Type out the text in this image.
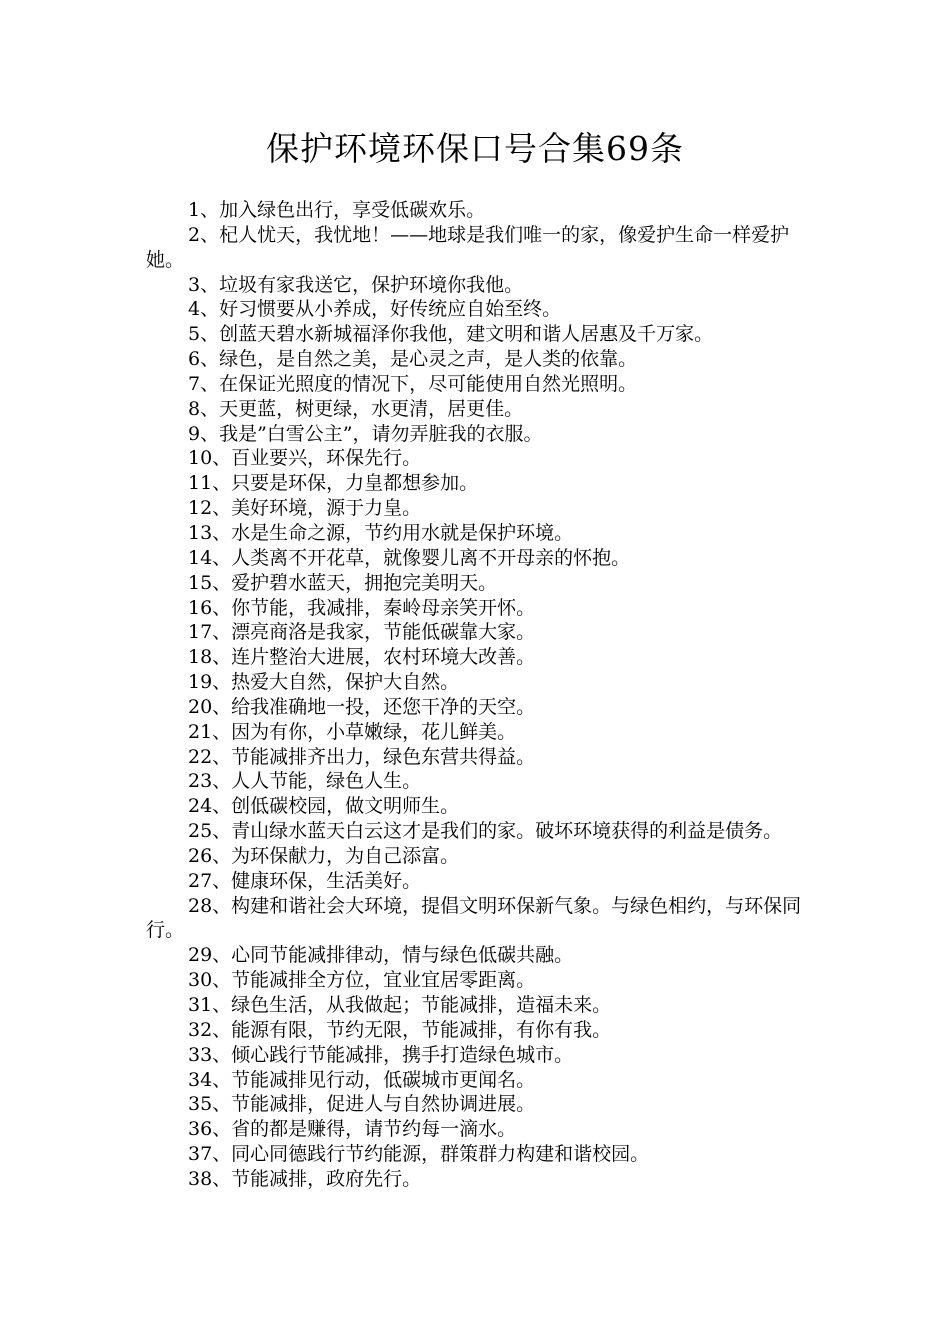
保护环境环保口号合集69条

1、加入绿色出行，享受低碳欢乐。

2、杞人忧天，我忧地！——地球是我们唯一的家，像爱护生命一样爱护她。

3、垃圾有家我送它，保护环境你我他。

4、好习惯要从小养成，好传统应自始至终。

5、创蓝天碧水新城福泽你我他，建文明和谐人居惠及千万家。

6、绿色，是自然之美，是心灵之声，是人类的依靠。

7、在保证光照度的情况下，尽可能使用自然光照明。

8、天更蓝，树更绿，水更清，居更佳。

9、我是”白雪公主”，请勿弄脏我的衣服。

10、百业要兴，环保先行。

11、只要是环保，力皇都想参加。

12、美好环境，源于力皇。

13、水是生命之源，节约用水就是保护环境。

14、人类离不开花草，就像婴儿离不开母亲的怀抱。

15、爱护碧水蓝天，拥抱完美明天。

16、你节能，我减排，秦岭母亲笑开怀。

17、漂亮商洛是我家，节能低碳靠大家。

18、连片整治大进展，农村环境大改善。

19、热爱大自然，保护大自然。

20、给我准确地一投，还您干净的天空。

21、因为有你，小草嫩绿，花儿鲜美。

22、节能减排齐出力，绿色东营共得益。

23、人人节能，绿色人生。

24、创低碳校园，做文明师生。

25、青山绿水蓝天白云这才是我们的家。破坏环境获得的利益是债务。

26、为环保献力，为自己添富。

27、健康环保，生活美好。

28、构建和谐社会大环境，提倡文明环保新气象。与绿色相约，与环保同行。

29、心同节能减排律动，情与绿色低碳共融。

30、节能减排全方位，宜业宜居零距离。

31、绿色生活，从我做起；节能减排，造福未来。

32、能源有限，节约无限，节能减排，有你有我。

33、倾心践行节能减排，携手打造绿色城市。

34、节能减排见行动，低碳城市更闻名。

35、节能减排，促进人与自然协调进展。

36、省的都是赚得，请节约每一滴水。

37、同心同德践行节约能源，群策群力构建和谐校园。

38、节能减排，政府先行。
